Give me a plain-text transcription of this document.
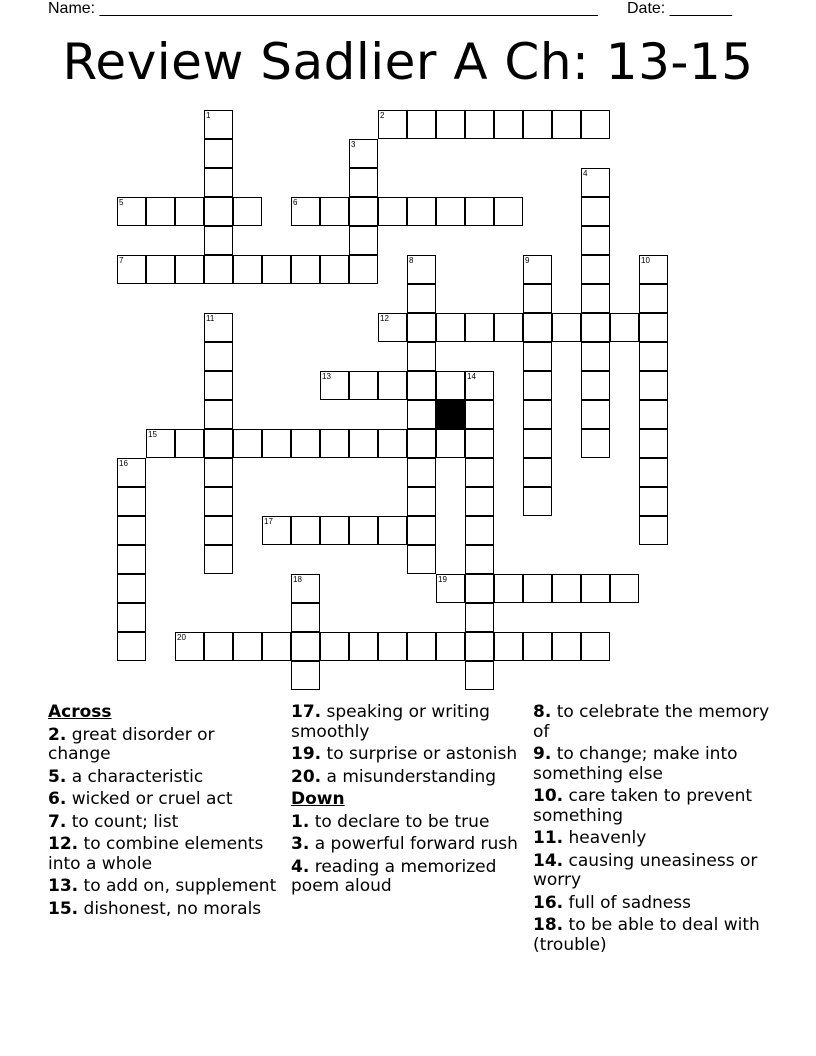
Name: ________________________________________________________ Date: _______
Review Sadlier A Ch: 13-15
1	2
3
4
5	6
7	8	9	10
11	12
13	14
15
16
17
18	19
20
Across
2. great disorder or change
5. a characteristic
6. wicked or cruel act
7. to count; list
12. to combine elements into a whole
13. to add on, supplement
15. dishonest, no morals
17. speaking or writing smoothly
19. to surprise or astonish
20. a misunderstanding
Down
1. to declare to be true
3. a powerful forward rush
4. reading a memorized poem aloud
8. to celebrate the memory of
9. to change; make into something else
10. care taken to prevent something
11. heavenly
14. causing uneasiness or worry
16. full of sadness
18. to be able to deal with (trouble)
